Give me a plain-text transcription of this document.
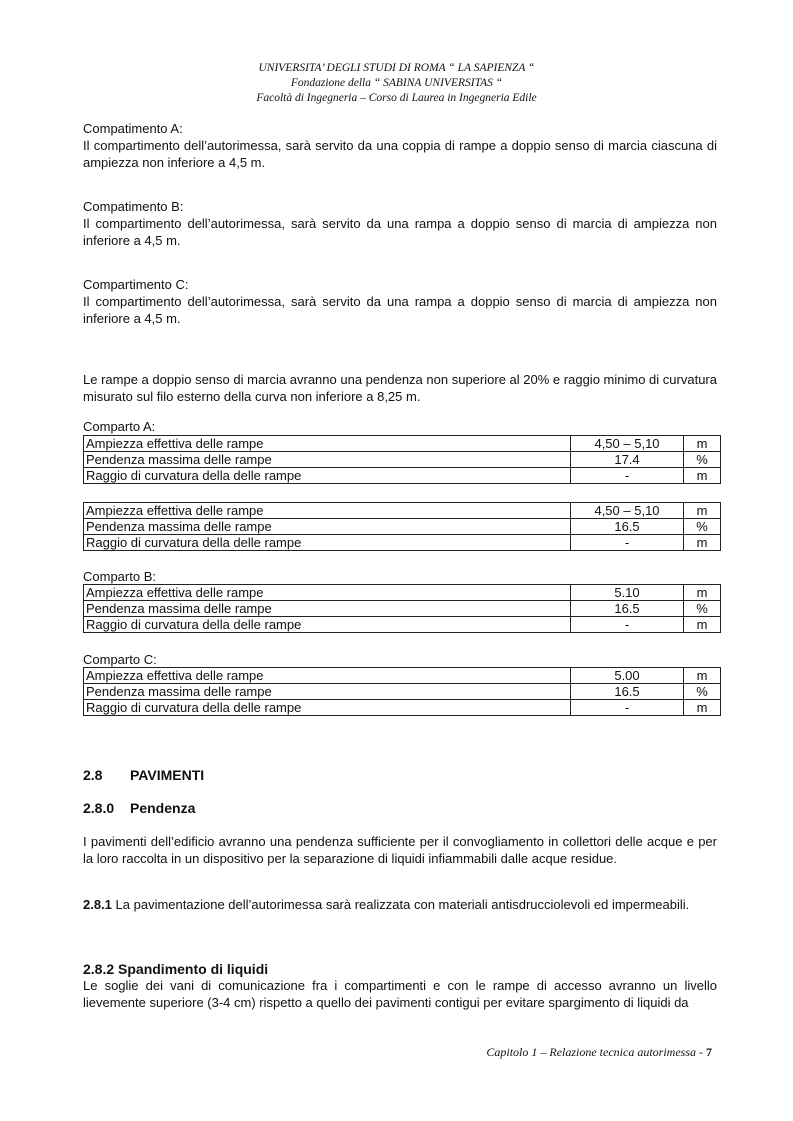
UNIVERSITA’ DEGLI STUDI DI ROMA “ LA SAPIENZA “
Fondazione della “ SABINA UNIVERSITAS “
Facoltà di Ingegneria – Corso di Laurea in Ingegneria Edile

Compatimento A:

Il compartimento dell’autorimessa, sarà servito da una coppia di rampe a doppio senso di marcia ciascuna di ampiezza non inferiore a 4,5 m.

Compatimento B:

Il compartimento dell’autorimessa, sarà servito da una rampa a doppio senso di marcia di ampiezza non inferiore a 4,5 m.

Compartimento C:

Il compartimento dell’autorimessa, sarà servito da una rampa a doppio senso di marcia di ampiezza non inferiore a 4,5 m.

Le rampe a doppio senso di marcia avranno una pendenza non superiore al 20% e raggio minimo di curvatura misurato sul filo esterno della curva non inferiore a 8,25 m.
Comparto A:
Ampiezza effettiva delle rampe	4,50 – 5,10	m
Pendenza massima delle rampe	17.4	%
Raggio di curvatura della delle rampe	-	m
Ampiezza effettiva delle rampe	4,50 – 5,10	m
Pendenza massima delle rampe	16.5	%
Raggio di curvatura della delle rampe	-	m
Comparto B:
Ampiezza effettiva delle rampe	5.10	m
Pendenza massima delle rampe	16.5	%
Raggio di curvatura della delle rampe	-	m
Comparto C:
Ampiezza effettiva delle rampe	5.00	m
Pendenza massima delle rampe	16.5	%
Raggio di curvatura della delle rampe	-	m
2.8 PAVIMENTI
2.8.0 Pendenza
I pavimenti dell’edificio avranno una pendenza sufficiente per il convogliamento in collettori delle acque e per la loro raccolta in un dispositivo per la separazione di liquidi infiammabili dalle acque residue.
2.8.1 La pavimentazione dell’autorimessa sarà realizzata con materiali antisdrucciolevoli ed impermeabili.
2.8.2 Spandimento di liquidi
Le soglie dei vani di comunicazione fra i compartimenti e con le rampe di accesso avranno un livello lievemente superiore (3-4 cm) rispetto a quello dei pavimenti contigui per evitare spargimento di liquidi da
Capitolo 1 – Relazione tecnica autorimessa - 7
